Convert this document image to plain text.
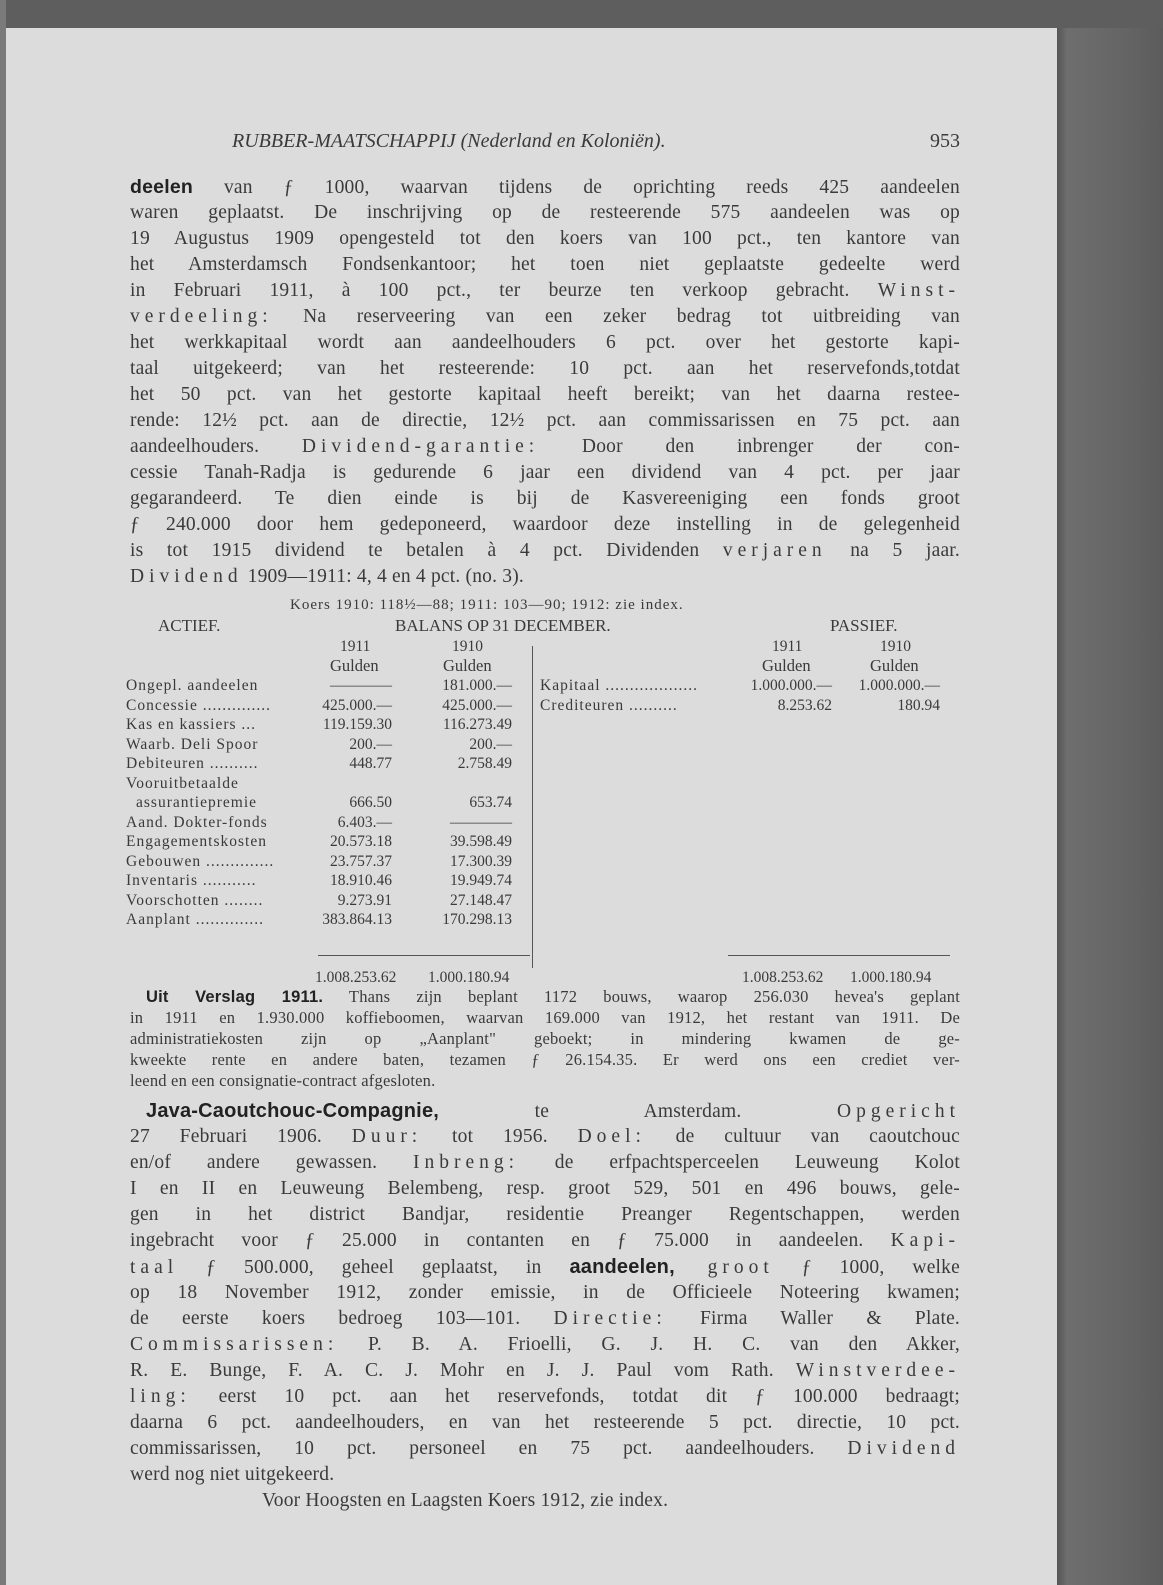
RUBBER-MAATSCHAPPIJ (Nederland en Koloniën).	953
deelen van ƒ 1000, waarvan tijdens de oprichting reeds 425 aandeelen
waren geplaatst. De inschrijving op de resteerende 575 aandeelen was op
19 Augustus 1909 opengesteld tot den koers van 100 pct., ten kantore van
het Amsterdamsch Fondsenkantoor; het toen niet geplaatste gedeelte werd
in Februari 1911, à 100 pct., ter beurze ten verkoop gebracht. Winst-
verdeeling: Na reserveering van een zeker bedrag tot uitbreiding van
het werkkapitaal wordt aan aandeelhouders 6 pct. over het gestorte kapi-
taal uitgekeerd; van het resteerende: 10 pct. aan het reservefonds,totdat
het 50 pct. van het gestorte kapitaal heeft bereikt; van het daarna restee-
rende: 12½ pct. aan de directie, 12½ pct. aan commissarissen en 75 pct. aan
aandeelhouders. Dividend-garantie: Door den inbrenger der con-
cessie Tanah-Radja is gedurende 6 jaar een dividend van 4 pct. per jaar
gegarandeerd. Te dien einde is bij de Kasvereeniging een fonds groot
ƒ 240.000 door hem gedeponeerd, waardoor deze instelling in de gelegenheid
is tot 1915 dividend te betalen à 4 pct. Dividenden verjaren na 5 jaar.
Dividend 1909—1911: 4, 4 en 4 pct. (no. 3).
Koers 1910: 118½—88; 1911: 103—90; 1912: zie index.
ACTIEF.	BALANS OP 31 DECEMBER.	PASSIEF.
1911	1910
Gulden	Gulden
1911	1910
Gulden	Gulden
Ongepl. aandeelen	————	181.000.—
Concessie ..............	425.000.—	425.000.—
Kas en kassiers ...	119.159.30	116.273.49
Waarb. Deli Spoor	200.—	200.—
Debiteuren ..........	448.77	2.758.49
Vooruitbetaalde
assurantiepremie	666.50	653.74
Aand. Dokter-fonds	6.403.—	————
Engagementskosten	20.573.18	39.598.49
Gebouwen ..............	23.757.37	17.300.39
Inventaris ...........	18.910.46	19.949.74
Voorschotten ........	9.273.91	27.148.47
Aanplant ..............	383.864.13	170.298.13
Kapitaal ...................	1.000.000.—	1.000.000.—
Crediteuren ..........	8.253.62	180.94
1.008.253.62 1.000.180.94	1.008.253.62 1.000.180.94
Uit Verslag 1911. Thans zijn beplant 1172 bouws, waarop 256.030 hevea's geplant
in 1911 en 1.930.000 koffieboomen, waarvan 169.000 van 1912, het restant van 1911. De
administratiekosten zijn op „Aanplant" geboekt; in mindering kwamen de ge-
kweekte rente en andere baten, tezamen ƒ 26.154.35. Er werd ons een crediet ver-
leend en een consignatie-contract afgesloten.
Java-Caoutchouc-Compagnie, te Amsterdam. Opgericht
27 Februari 1906. Duur: tot 1956. Doel: de cultuur van caoutchouc
en/of andere gewassen. Inbreng: de erfpachtsperceelen Leuweung Kolot
I en II en Leuweung Belembeng, resp. groot 529, 501 en 496 bouws, gele-
gen in het district Bandjar, residentie Preanger Regentschappen, werden
ingebracht voor ƒ 25.000 in contanten en ƒ 75.000 in aandeelen. Kapi-
taal ƒ 500.000, geheel geplaatst, in aandeelen, groot ƒ 1000, welke
op 18 November 1912, zonder emissie, in de Officieele Noteering kwamen;
de eerste koers bedroeg 103—101. Directie: Firma Waller & Plate.
Commissarissen: P. B. A. Frioelli, G. J. H. C. van den Akker,
R. E. Bunge, F. A. C. J. Mohr en J. J. Paul vom Rath. Winstverdee-
ling: eerst 10 pct. aan het reservefonds, totdat dit ƒ 100.000 bedraagt;
daarna 6 pct. aandeelhouders, en van het resteerende 5 pct. directie, 10 pct.
commissarissen, 10 pct. personeel en 75 pct. aandeelhouders. Dividend
werd nog niet uitgekeerd.
Voor Hoogsten en Laagsten Koers 1912, zie index.
